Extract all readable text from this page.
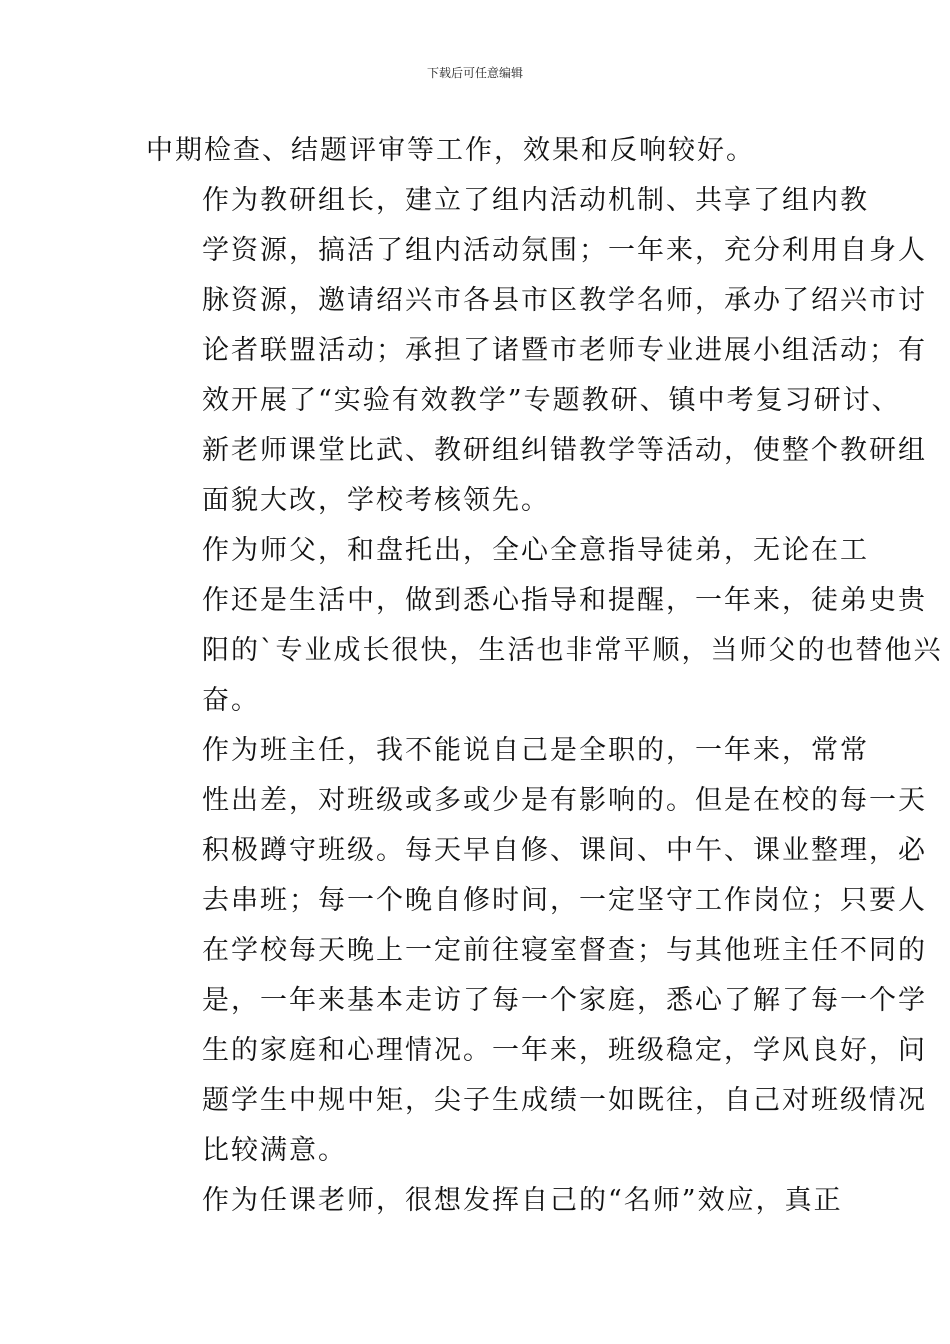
下载后可任意编辑

中期检查、结题评审等工作，效果和反响较好。

作为教研组长，建立了组内活动机制、共享了组内教
学资源，搞活了组内活动氛围；一年来，充分利用自身人
脉资源，邀请绍兴市各县市区教学名师，承办了绍兴市讨
论者联盟活动；承担了诸暨市老师专业进展小组活动；有
效开展了“实验有效教学”专题教研、镇中考复习研讨、
新老师课堂比武、教研组纠错教学等活动，使整个教研组
面貌大改，学校考核领先。

作为师父，和盘托出，全心全意指导徒弟，无论在工
作还是生活中，做到悉心指导和提醒，一年来，徒弟史贵
阳的`专业成长很快，生活也非常平顺，当师父的也替他兴
奋。

作为班主任，我不能说自己是全职的，一年来，常常
性出差，对班级或多或少是有影响的。但是在校的每一天
积极蹲守班级。每天早自修、课间、中午、课业整理，必
去串班；每一个晚自修时间，一定坚守工作岗位；只要人
在学校每天晚上一定前往寝室督查；与其他班主任不同的
是，一年来基本走访了每一个家庭，悉心了解了每一个学
生的家庭和心理情况。一年来，班级稳定，学风良好，问
题学生中规中矩，尖子生成绩一如既往，自己对班级情况
比较满意。

作为任课老师，很想发挥自己的“名师”效应，真正
